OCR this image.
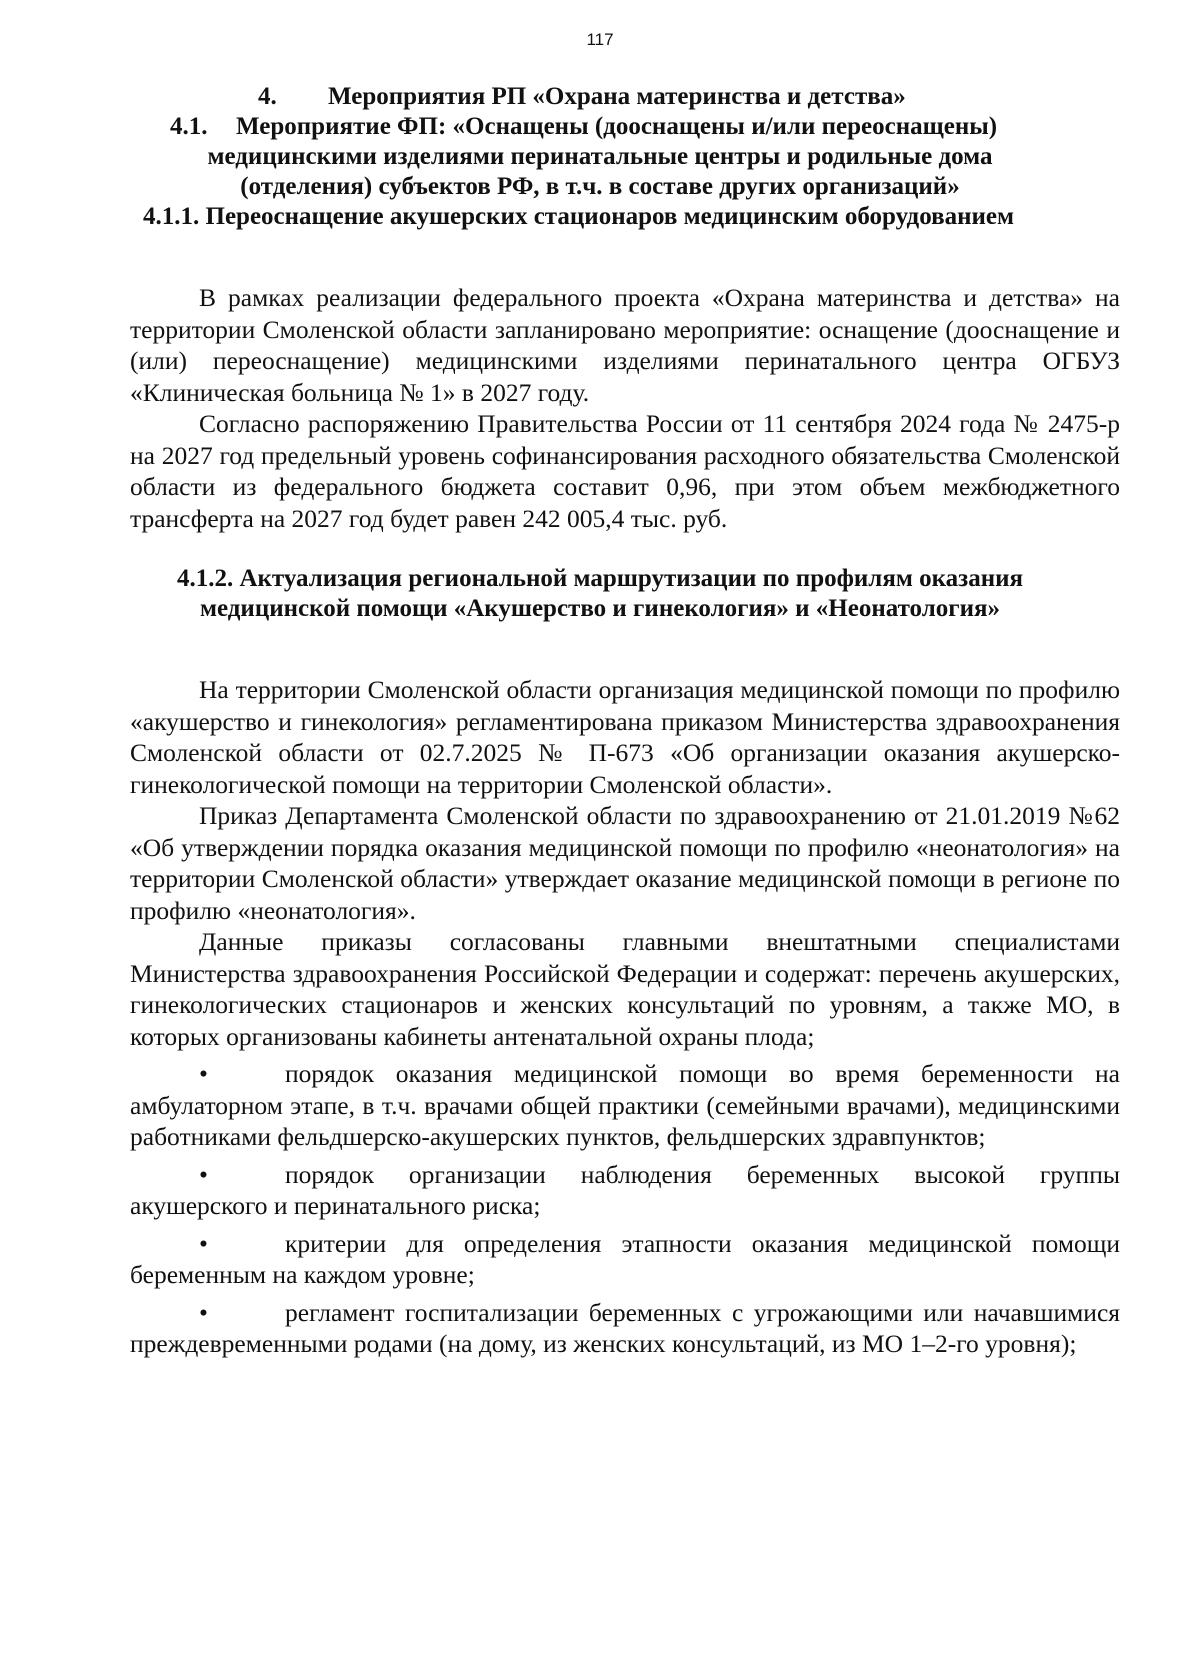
117
4. Мероприятия РП «Охрана материнства и детства»
4.1. Мероприятие ФП: «Оснащены (дооснащены и/или переоснащены)
медицинскими изделиями перинатальные центры и родильные дома
(отделения) субъектов РФ, в т.ч. в составе других организаций»
4.1.1. Переоснащение акушерских стационаров медицинским оборудованием

В рамках реализации федерального проекта «Охрана материнства и детства» на территории Смоленской области запланировано мероприятие: оснащение (дооснащение и (или) переоснащение) медицинскими изделиями перинатального центра ОГБУЗ «Клиническая больница № 1» в 2027 году.

Согласно распоряжению Правительства России от 11 сентября 2024 года № 2475-р на 2027 год предельный уровень софинансирования расходного обязательства Смоленской области из федерального бюджета составит 0,96, при этом объем межбюджетного трансферта на 2027 год будет равен 242 005,4 тыс. руб.

4.1.2. Актуализация региональной маршрутизации по профилям оказания
медицинской помощи «Акушерство и гинекология» и «Неонатология»

На территории Смоленской области организация медицинской помощи по профилю «акушерство и гинекология» регламентирована приказом Министерства здравоохранения Смоленской области от 02.7.2025 № П-673 «Об организации оказания акушерско-гинекологической помощи на территории Смоленской области».

Приказ Департамента Смоленской области по здравоохранению от 21.01.2019 №62 «Об утверждении порядка оказания медицинской помощи по профилю «неонатология» на территории Смоленской области» утверждает оказание медицинской помощи в регионе по профилю «неонатология».

Данные приказы согласованы главными внештатными специалистами Министерства здравоохранения Российской Федерации и содержат: перечень акушерских, гинекологических стационаров и женских консультаций по уровням, а также МО, в которых организованы кабинеты антенатальной охраны плода;

•	порядок оказания медицинской помощи во время беременности на амбулаторном этапе, в т.ч. врачами общей практики (семейными врачами), медицинскими работниками фельдшерско-акушерских пунктов, фельдшерских здравпунктов;

•	порядок организации наблюдения беременных высокой группы акушерского и перинатального риска;

•	критерии для определения этапности оказания медицинской помощи беременным на каждом уровне;

•	регламент госпитализации беременных с угрожающими или начавшимися преждевременными родами (на дому, из женских консультаций, из МО 1–2-го уровня);
